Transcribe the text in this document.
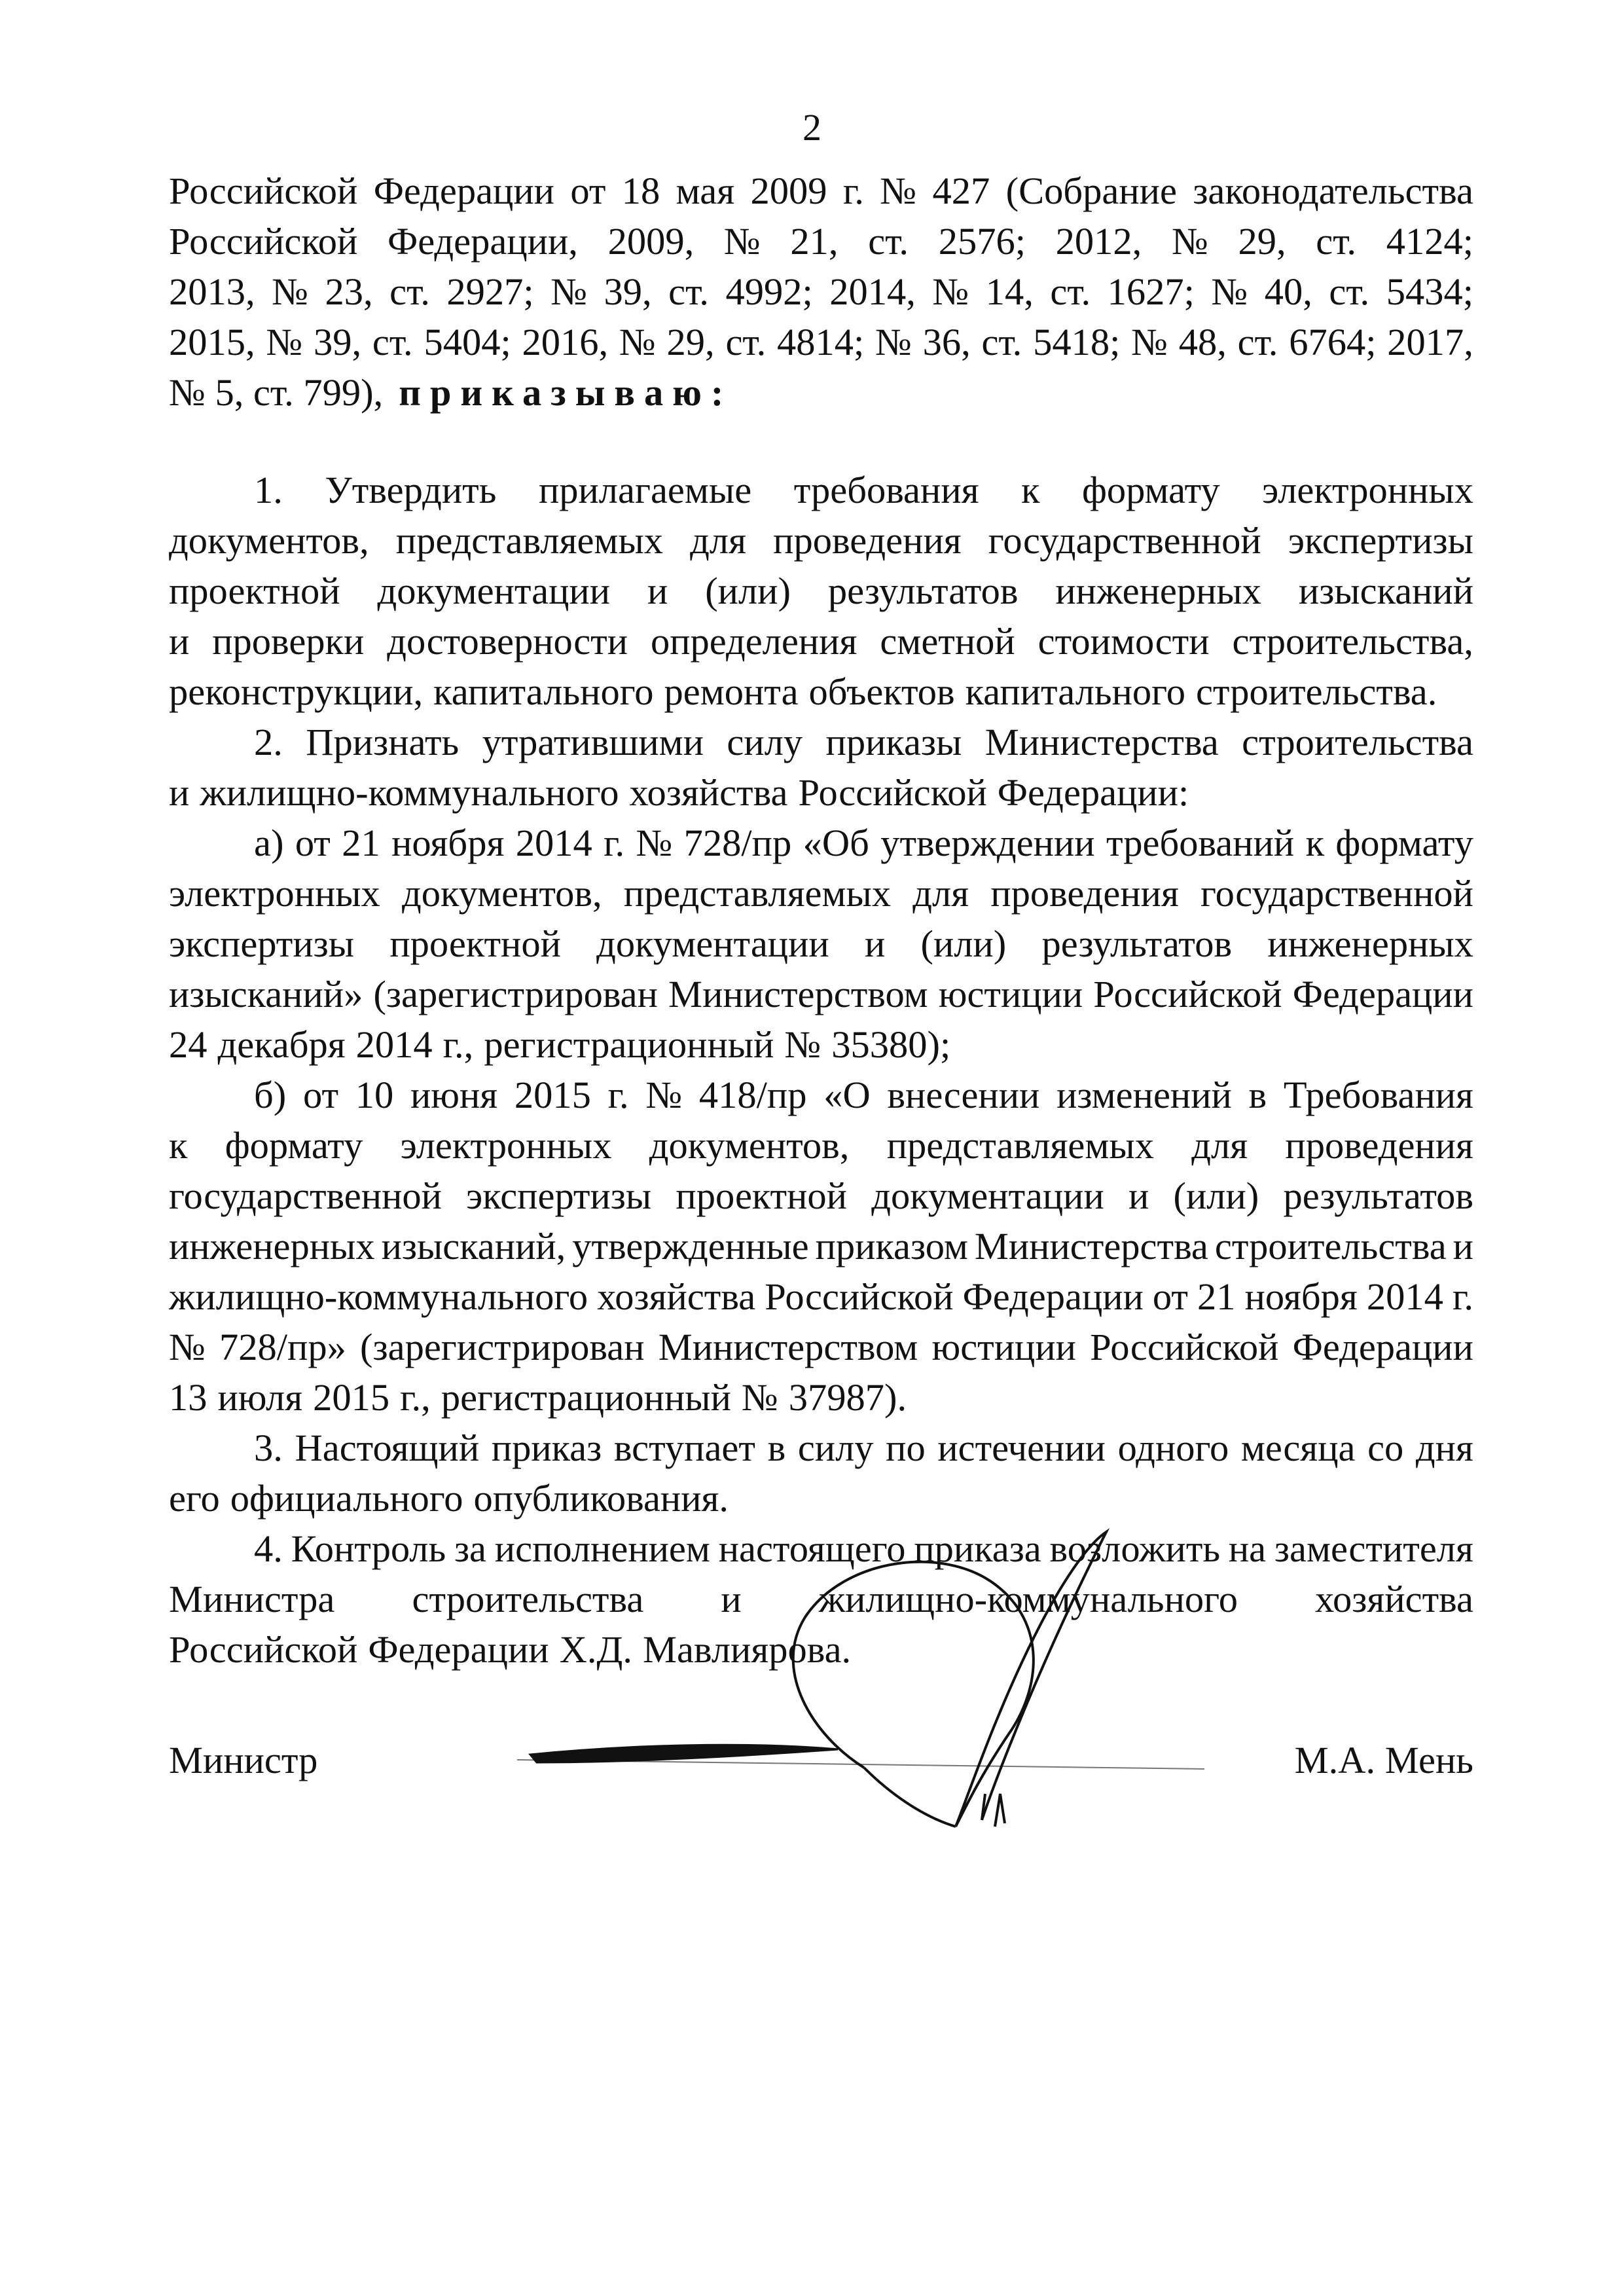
2
Российской Федерации от 18 мая 2009 г. № 427 (Собрание законодательства
Российской Федерации, 2009, № 21, ст. 2576; 2012, № 29, ст. 4124;
2013, № 23, ст. 2927; № 39, ст. 4992; 2014, № 14, ст. 1627; № 40, ст. 5434;
2015, № 39, ст. 5404; 2016, № 29, ст. 4814; № 36, ст. 5418; № 48, ст. 6764; 2017,
№ 5, ст. 799), приказываю:
1. Утвердить прилагаемые требования к формату электронных
документов, представляемых для проведения государственной экспертизы
проектной документации и (или) результатов инженерных изысканий
и проверки достоверности определения сметной стоимости строительства,
реконструкции, капитального ремонта объектов капитального строительства.
2. Признать утратившими силу приказы Министерства строительства
и жилищно-коммунального хозяйства Российской Федерации:
а) от 21 ноября 2014 г. № 728/пр «Об утверждении требований к формату
электронных документов, представляемых для проведения государственной
экспертизы проектной документации и (или) результатов инженерных
изысканий» (зарегистрирован Министерством юстиции Российской Федерации
24 декабря 2014 г., регистрационный № 35380);
б) от 10 июня 2015 г. № 418/пр «О внесении изменений в Требования
к формату электронных документов, представляемых для проведения
государственной экспертизы проектной документации и (или) результатов
инженерных изысканий, утвержденные приказом Министерства строительства и
жилищно-коммунального хозяйства Российской Федерации от 21 ноября 2014 г.
№ 728/пр» (зарегистрирован Министерством юстиции Российской Федерации
13 июля 2015 г., регистрационный № 37987).
3. Настоящий приказ вступает в силу по истечении одного месяца со дня
его официального опубликования.
4. Контроль за исполнением настоящего приказа возложить на заместителя
Министра строительства и жилищно-коммунального хозяйства
Российской Федерации Х.Д. Мавлиярова.
Министр	М.А. Мень
